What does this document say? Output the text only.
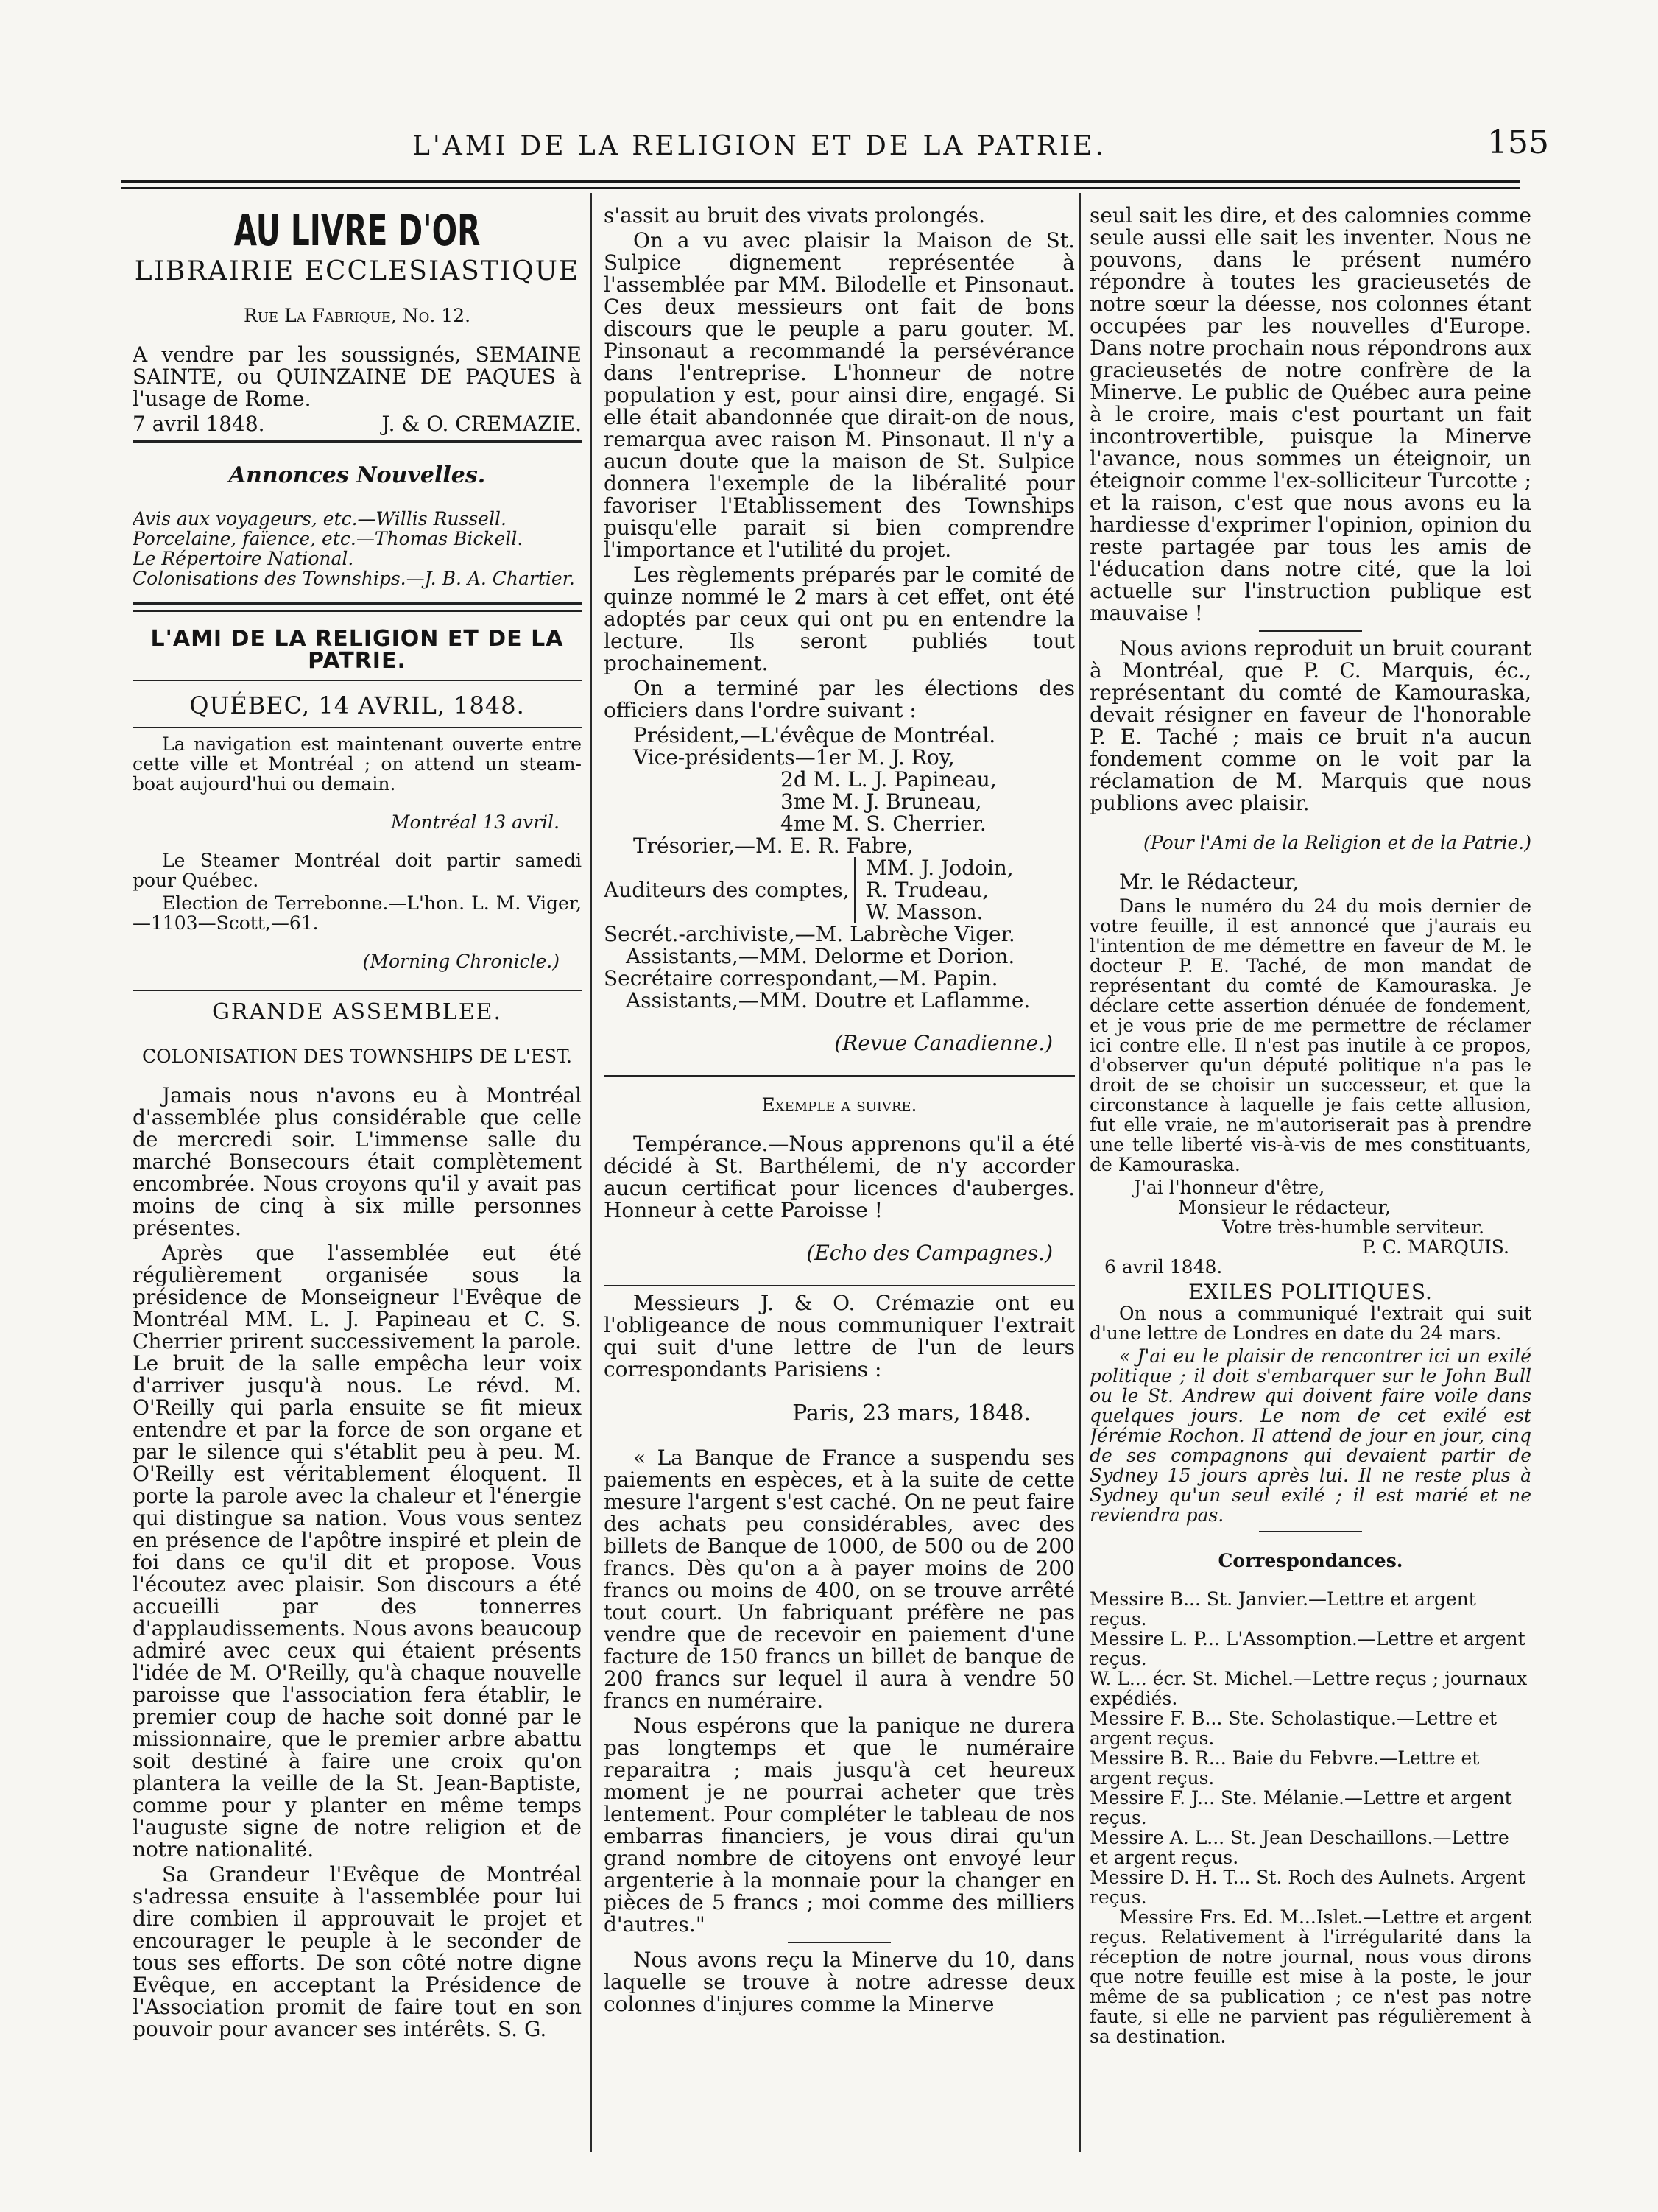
L'AMI DE LA RELIGION ET DE LA PATRIE.	155
AU LIVRE D'OR
LIBRAIRIE ECCLESIASTIQUE

Rue La Fabrique, No. 12.

A vendre par les soussignés, SEMAINE SAINTE, ou QUINZAINE DE PAQUES à l'usage de Rome.

7 avril 1848.	J. & O. CREMAZIE.

Annonces Nouvelles.

Avis aux voyageurs, etc.—Willis Russell.
Porcelaine, faïence, etc.—Thomas Bickell.
Le Répertoire National.
Colonisations des Townships.—J. B. A. Chartier.
L'AMI DE LA RELIGION ET DE LA PATRIE.
QUÉBEC, 14 AVRIL, 1848.

La navigation est maintenant ouverte entre cette ville et Montréal ; on attend un steam-boat aujourd'hui ou demain.

Montréal 13 avril.

Le Steamer Montréal doit partir samedi pour Québec.

Election de Terrebonne.—L'hon. L. M. Viger,—1103—Scott,—61.

(Morning Chronicle.)

GRANDE ASSEMBLEE.

COLONISATION DES TOWNSHIPS DE L'EST.

Jamais nous n'avons eu à Montréal d'assemblée plus considérable que celle de mercredi soir. L'immense salle du marché Bonsecours était complètement encombrée. Nous croyons qu'il y avait pas moins de cinq à six mille personnes présentes.

Après que l'assemblée eut été régulièrement organisée sous la présidence de Monseigneur l'Evêque de Montréal MM. L. J. Papineau et C. S. Cherrier prirent successivement la parole. Le bruit de la salle empêcha leur voix d'arriver jusqu'à nous. Le révd. M. O'Reilly qui parla ensuite se fit mieux entendre et par la force de son organe et par le silence qui s'établit peu à peu. M. O'Reilly est véritablement éloquent. Il porte la parole avec la chaleur et l'énergie qui distingue sa nation. Vous vous sentez en présence de l'apôtre inspiré et plein de foi dans ce qu'il dit et propose. Vous l'écoutez avec plaisir. Son discours a été accueilli par des tonnerres d'applaudissements. Nous avons beaucoup admiré avec ceux qui étaient présents l'idée de M. O'Reilly, qu'à chaque nouvelle paroisse que l'association fera établir, le premier coup de hache soit donné par le missionnaire, que le premier arbre abattu soit destiné à faire une croix qu'on plantera la veille de la St. Jean-Baptiste, comme pour y planter en même temps l'auguste signe de notre religion et de notre nationalité.

Sa Grandeur l'Evêque de Montréal s'adressa ensuite à l'assemblée pour lui dire combien il approuvait le projet et encourager le peuple à le seconder de tous ses efforts. De son côté notre digne Evêque, en acceptant la Présidence de l'Association promit de faire tout en son pouvoir pour avancer ses intérêts. S. G.

s'assit au bruit des vivats prolongés.

On a vu avec plaisir la Maison de St. Sulpice dignement représentée à l'assemblée par MM. Bilodelle et Pinsonaut. Ces deux messieurs ont fait de bons discours que le peuple a paru gouter. M. Pinsonaut a recommandé la persévérance dans l'entreprise. L'honneur de notre population y est, pour ainsi dire, engagé. Si elle était abandonnée que dirait-on de nous, remarqua avec raison M. Pinsonaut. Il n'y a aucun doute que la maison de St. Sulpice donnera l'exemple de la libéralité pour favoriser l'Etablissement des Townships puisqu'elle parait si bien comprendre l'importance et l'utilité du projet.

Les règlements préparés par le comité de quinze nommé le 2 mars à cet effet, ont été adoptés par ceux qui ont pu en entendre la lecture. Ils seront publiés tout prochainement.

On a terminé par les élections des officiers dans l'ordre suivant :

Président,—L'évêque de Montréal.
Vice-présidents—1er M. J. Roy,
2d M. L. J. Papineau,
3me M. J. Bruneau,
4me M. S. Cherrier.
Trésorier,—M. E. R. Fabre,
Auditeurs des comptes,
MM. J. Jodoin,
R. Trudeau,
W. Masson.
Secrét.-archiviste,—M. Labrèche Viger.
Assistants,—MM. Delorme et Dorion.
Secrétaire correspondant,—M. Papin.
Assistants,—MM. Doutre et Laflamme.

(Revue Canadienne.)

Exemple a suivre.

Tempérance.—Nous apprenons qu'il a été décidé à St. Barthélemi, de n'y accorder aucun certificat pour licences d'auberges. Honneur à cette Paroisse !

(Echo des Campagnes.)

Messieurs J. & O. Crémazie ont eu l'obligeance de nous communiquer l'extrait qui suit d'une lettre de l'un de leurs correspondants Parisiens :

Paris, 23 mars, 1848.

« La Banque de France a suspendu ses paiements en espèces, et à la suite de cette mesure l'argent s'est caché. On ne peut faire des achats peu considérables, avec des billets de Banque de 1000, de 500 ou de 200 francs. Dès qu'on a à payer moins de 200 francs ou moins de 400, on se trouve arrêté tout court. Un fabriquant préfère ne pas vendre que de recevoir en paiement d'une facture de 150 francs un billet de banque de 200 francs sur lequel il aura à vendre 50 francs en numéraire.

Nous espérons que la panique ne durera pas longtemps et que le numéraire reparaitra ; mais jusqu'à cet heureux moment je ne pourrai acheter que très lentement. Pour compléter le tableau de nos embarras financiers, je vous dirai qu'un grand nombre de citoyens ont envoyé leur argenterie à la monnaie pour la changer en pièces de 5 francs ; moi comme des milliers d'autres."

Nous avons reçu la Minerve du 10, dans laquelle se trouve à notre adresse deux colonnes d'injures comme la Minerve

seul sait les dire, et des calomnies comme seule aussi elle sait les inventer. Nous ne pouvons, dans le présent numéro répondre à toutes les gracieusetés de notre sœur la déesse, nos colonnes étant occupées par les nouvelles d'Europe. Dans notre prochain nous répondrons aux gracieusetés de notre confrère de la Minerve. Le public de Québec aura peine à le croire, mais c'est pourtant un fait incontrovertible, puisque la Minerve l'avance, nous sommes un éteignoir, un éteignoir comme l'ex-solliciteur Turcotte ; et la raison, c'est que nous avons eu la hardiesse d'exprimer l'opinion, opinion du reste partagée par tous les amis de l'éducation dans notre cité, que la loi actuelle sur l'instruction publique est mauvaise !

Nous avions reproduit un bruit courant à Montréal, que P. C. Marquis, éc., représentant du comté de Kamouraska, devait résigner en faveur de l'honorable P. E. Taché ; mais ce bruit n'a aucun fondement comme on le voit par la réclamation de M. Marquis que nous publions avec plaisir.

(Pour l'Ami de la Religion et de la Patrie.)

Mr. le Rédacteur,

Dans le numéro du 24 du mois dernier de votre feuille, il est annoncé que j'aurais eu l'intention de me démettre en faveur de M. le docteur P. E. Taché, de mon mandat de représentant du comté de Kamouraska. Je déclare cette assertion dénuée de fondement, et je vous prie de me permettre de réclamer ici contre elle. Il n'est pas inutile à ce propos, d'observer qu'un député politique n'a pas le droit de se choisir un successeur, et que la circonstance à laquelle je fais cette allusion, fut elle vraie, ne m'autoriserait pas à prendre une telle liberté vis-à-vis de mes constituants, de Kamouraska.

J'ai l'honneur d'être,

Monsieur le rédacteur,

Votre très-humble serviteur.

P. C. MARQUIS.

6 avril 1848.

EXILES POLITIQUES.

On nous a communiqué l'extrait qui suit d'une lettre de Londres en date du 24 mars.

« J'ai eu le plaisir de rencontrer ici un exilé politique ; il doit s'embarquer sur le John Bull ou le St. Andrew qui doivent faire voile dans quelques jours. Le nom de cet exilé est Jérémie Rochon. Il attend de jour en jour, cinq de ses compagnons qui devaient partir de Sydney 15 jours après lui. Il ne reste plus à Sydney qu'un seul exilé ; il est marié et ne reviendra pas.

Correspondances.

Messire B... St. Janvier.—Lettre et argent reçus.
Messire L. P... L'Assomption.—Lettre et argent reçus.
W. L... écr. St. Michel.—Lettre reçus ; journaux expédiés.
Messire F. B... Ste. Scholastique.—Lettre et argent reçus.
Messire B. R... Baie du Febvre.—Lettre et argent reçus.
Messire F. J... Ste. Mélanie.—Lettre et argent reçus.
Messire A. L... St. Jean Deschaillons.—Lettre et argent reçus.
Messire D. H. T... St. Roch des Aulnets. Argent reçus.

Messire Frs. Ed. M...Islet.—Lettre et argent reçus. Relativement à l'irrégularité dans la réception de notre journal, nous vous dirons que notre feuille est mise à la poste, le jour même de sa publication ; ce n'est pas notre faute, si elle ne parvient pas régulièrement à sa destination.
